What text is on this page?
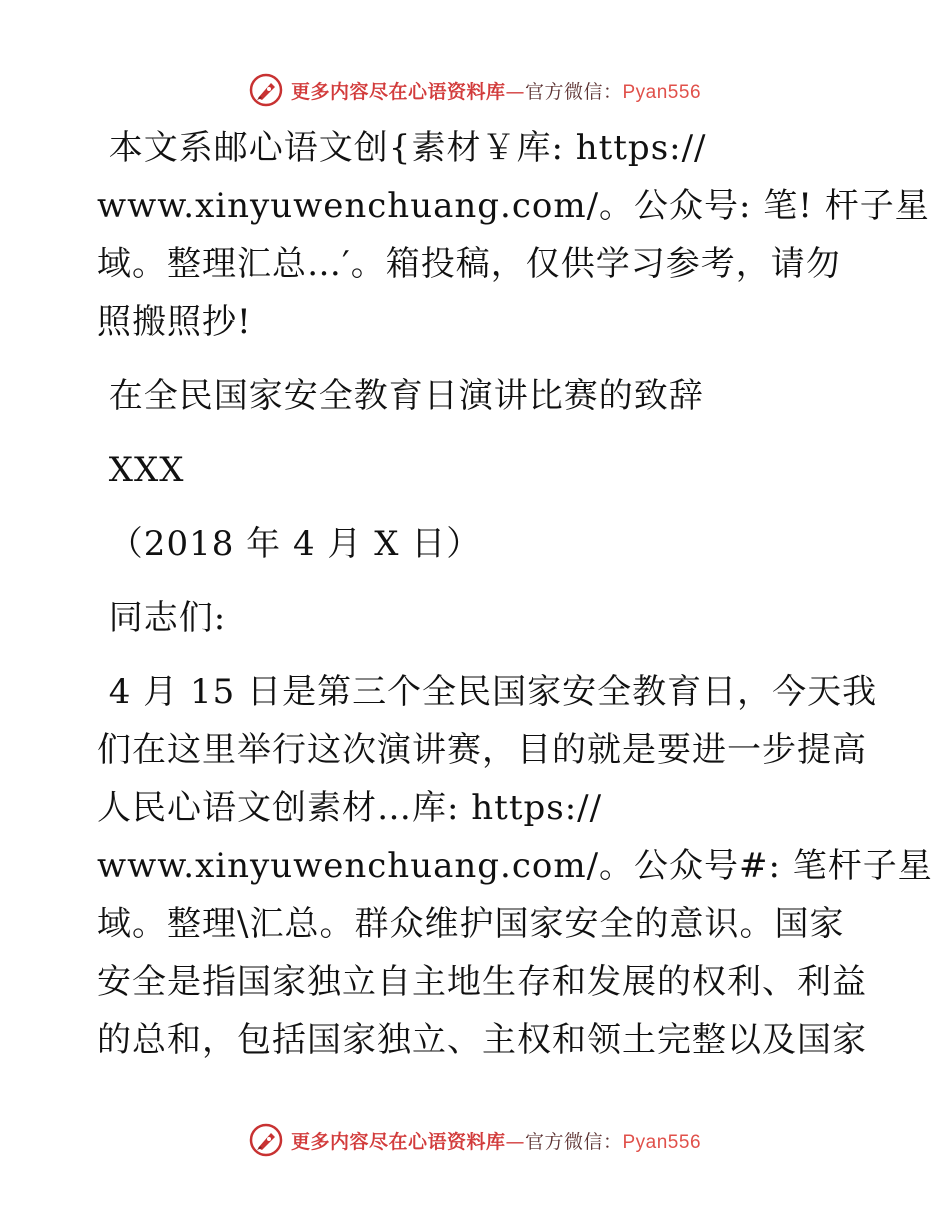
更多内容尽在心语资料库—官方微信：Pyan556
本文系邮心语文创{素材￥库: https://
www.xinyuwenchuang.com/。公众号: 笔! 杆子星
域。整理汇总…′。箱投稿，仅供学习参考，请勿
照搬照抄!
在全民国家安全教育日演讲比赛的致辞
XXX
（2018 年 4 月 X 日）
同志们:
4 月 15 日是第三个全民国家安全教育日，今天我
们在这里举行这次演讲赛，目的就是要进一步提高
人民心语文创素材…库: https://
www.xinyuwenchuang.com/。公众号#: 笔杆子星
域。整理\汇总。群众维护国家安全的意识。国家
安全是指国家独立自主地生存和发展的权利、利益
的总和，包括国家独立、主权和领土完整以及国家
更多内容尽在心语资料库—官方微信：Pyan556
